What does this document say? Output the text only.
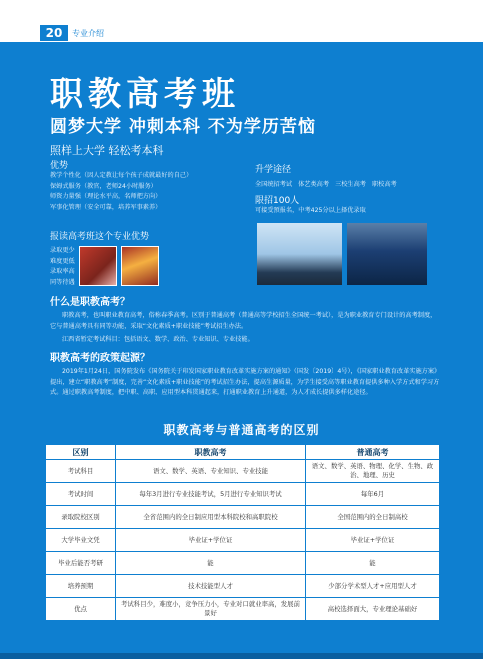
20	专业介绍
职教高考班
圆梦大学 冲刺本科 不为学历苦恼
照样上大学 轻松考本科
优势
教学个性化（因人定教让每个孩子成就最好的自己）
保姆式服务（教官，老师24小时服务）
师资力量强（理论水平高，名师把方向）
军事化管理（安全可靠，培养军事素养）
升学途径
全国统招考试 体艺类高考 三校生高考 职校高考
限招100人
可接受預报名，中考425分以上择优录取
报读高考班这个专业优势
录取更少
难度更低
录取率高
同等待遇
什么是职教高考？
职教高考，也叫职业教育高考，俗称春季高考。区别于普通高考（普通高等学校招生全国统一考试），是为职业教育专门设计的高考制度，它与普通高考具有同等功能，采取“文化素质+职业技能”考试招生办法。
江西省暂定考试科目：包括语文、数学、政治、专业知识、专业技能。
职教高考的政策起源？
2019年1月24日，国务院发布《国务院关于印发国家职业教育改革实施方案的通知》（国发〔2019〕4号），《国家职业教育改革实施方案》提出，建立“职教高考”制度，完善“文化素质+职业技能”的考试招生办法，提高生源质量，为学生接受高等职业教育提供多种入学方式和学习方式。通过职教高考制度，把中职、高职、应用型本科贯通起来，打通职业教育上升通道，为人才成长提供多样化途径。
职教高考与普通高考的区别
区别	职教高考	普通高考
考试科目	语文、数学、英语、专业知识、专业技能	语文、数学、英语、物理、化学、生物、政治、地理、历史
考试时间	每年3月进行专业技能考试，5月进行专业知识考试	每年6月
录取院校区别	全省范围内的全日制应用型本科院校和高职院校	全国范围内的全日制高校
大学毕业文凭	毕业证+学位证	毕业证+学位证
毕业后能否考研	能	能
培养预期	技术技能型人才	少部分学术型人才+应用型人才
优点	考试科目少，难度小，竞争压力小，专业对口就业率高，发展前景好	高校选择面大，专业理论基础好
